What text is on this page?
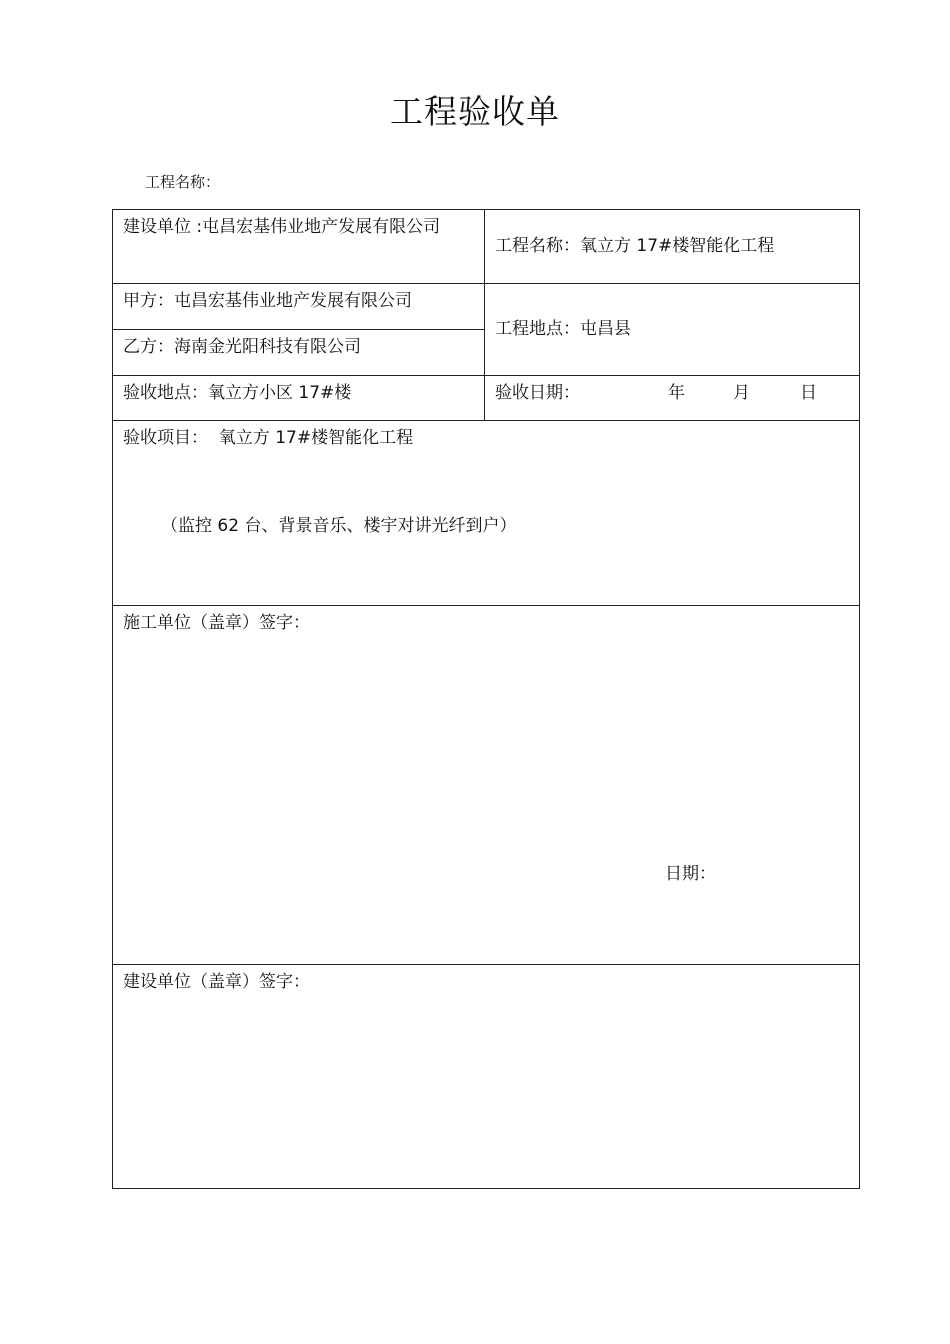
工程验收单
工程名称：
建设单位 :屯昌宏基伟业地产发展有限公司	工程名称：氧立方 17#楼智能化工程

甲方：屯昌宏基伟业地产发展有限公司	工程地点：屯昌县

乙方：海南金光阳科技有限公司	

验收地点：氧立方小区 17#楼	验收日期： 年 月 日

验收项目：  氧立方 17#楼智能化工程
（监控 62 台、背景音乐、楼宇对讲光纤到户）	

施工单位（盖章）签字：
日期：	

建设单位（盖章）签字：	
